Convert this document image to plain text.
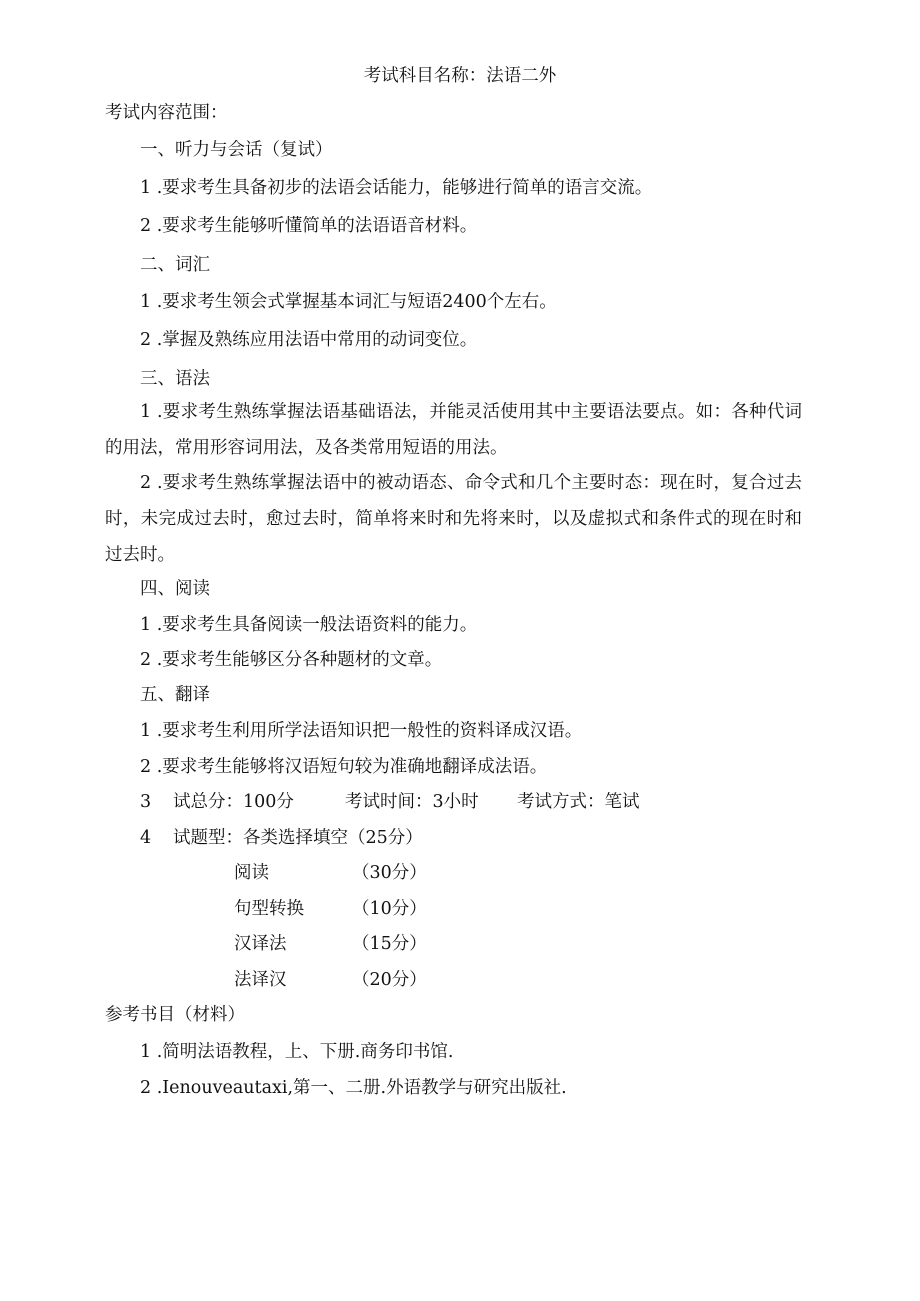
考试科目名称：法语二外
考试内容范围：
一、听力与会话（复试）
1 .要求考生具备初步的法语会话能力，能够进行简单的语言交流。
2 .要求考生能够听懂简单的法语语音材料。
二、词汇
1 .要求考生领会式掌握基本词汇与短语2400个左右。
2 .掌握及熟练应用法语中常用的动词变位。
三、语法
1 .要求考生熟练掌握法语基础语法，并能灵活使用其中主要语法要点。如：各种代词的用法，常用形容词用法，及各类常用短语的用法。
2 .要求考生熟练掌握法语中的被动语态、命令式和几个主要时态：现在时，复合过去时，未完成过去时，愈过去时，简单将来时和先将来时，以及虚拟式和条件式的现在时和过去时。
四、阅读
1 .要求考生具备阅读一般法语资料的能力。
2 .要求考生能够区分各种题材的文章。
五、翻译
1 .要求考生利用所学法语知识把一般性的资料译成汉语。
2 .要求考生能够将汉语短句较为准确地翻译成法语。
3 试总分：100分	考试时间：3小时 考试方式：笔试
4 试题型：各类选择填空（25分）
阅读	（30分）
句型转换	（10分）
汉译法	（15分）
法译汉	（20分）
参考书目（材料）
1 .简明法语教程，上、下册.商务印书馆.
2 .Ienouveautaxi,第一、二册.外语教学与研究出版社.
